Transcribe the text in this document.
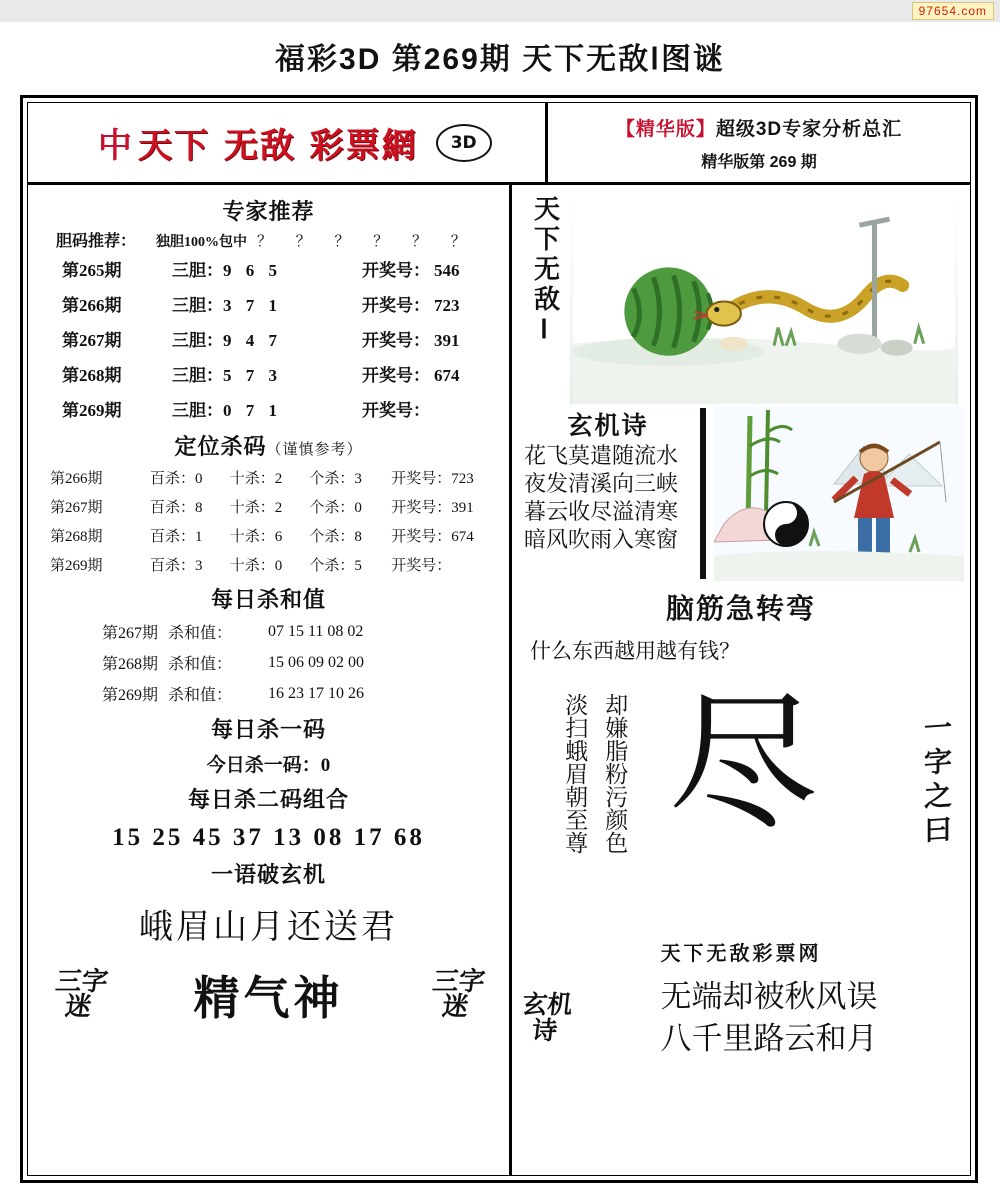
97654.com
福彩3D 第269期 天下无敌Ⅰ图谜
中 天下 无敌 彩票 網	3D
【精华版】超级3D专家分析总汇
精华版第 269 期
专家推荐
胆码推荐： 独胆100%包中 ？ ？ ？ ？ ？ ？
第265期	三胆：9 6 5	开奖号： 546
第266期	三胆：3 7 1	开奖号： 723
第267期	三胆：9 4 7	开奖号： 391
第268期	三胆：5 7 3	开奖号： 674
第269期	三胆：0 7 1	开奖号：
定位杀码（谨慎参考）
第266期	百杀：0	十杀：2	个杀：3	开奖号：723
第267期	百杀：8	十杀：2	个杀：0	开奖号：391
第268期	百杀：1	十杀：6	个杀：8	开奖号：674
第269期	百杀：3	十杀：0	个杀：5	开奖号：
每日杀和值
第267期	杀和值：	07 15 11 08 02
第268期	杀和值：	15 06 09 02 00
第269期	杀和值：	16 23 17 10 26
每日杀一码
今日杀一码：0
每日杀二码组合
15 25 45 37 13 08 17 68
一语破玄机
峨眉山月还送君
三字迷	精气神	三字迷
天下无敌
Ⅰ
玄机诗
花飞莫遣随流水
夜发清溪向三峡
暮云收尽溢清寒
暗风吹雨入寒窗
脑筋急转弯
什么东西越用越有钱？
却嫌脂粉污颜色
淡扫蛾眉朝至尊 尽	一字之曰
天下无敌彩票网
玄机诗
无端却被秋风误
八千里路云和月
